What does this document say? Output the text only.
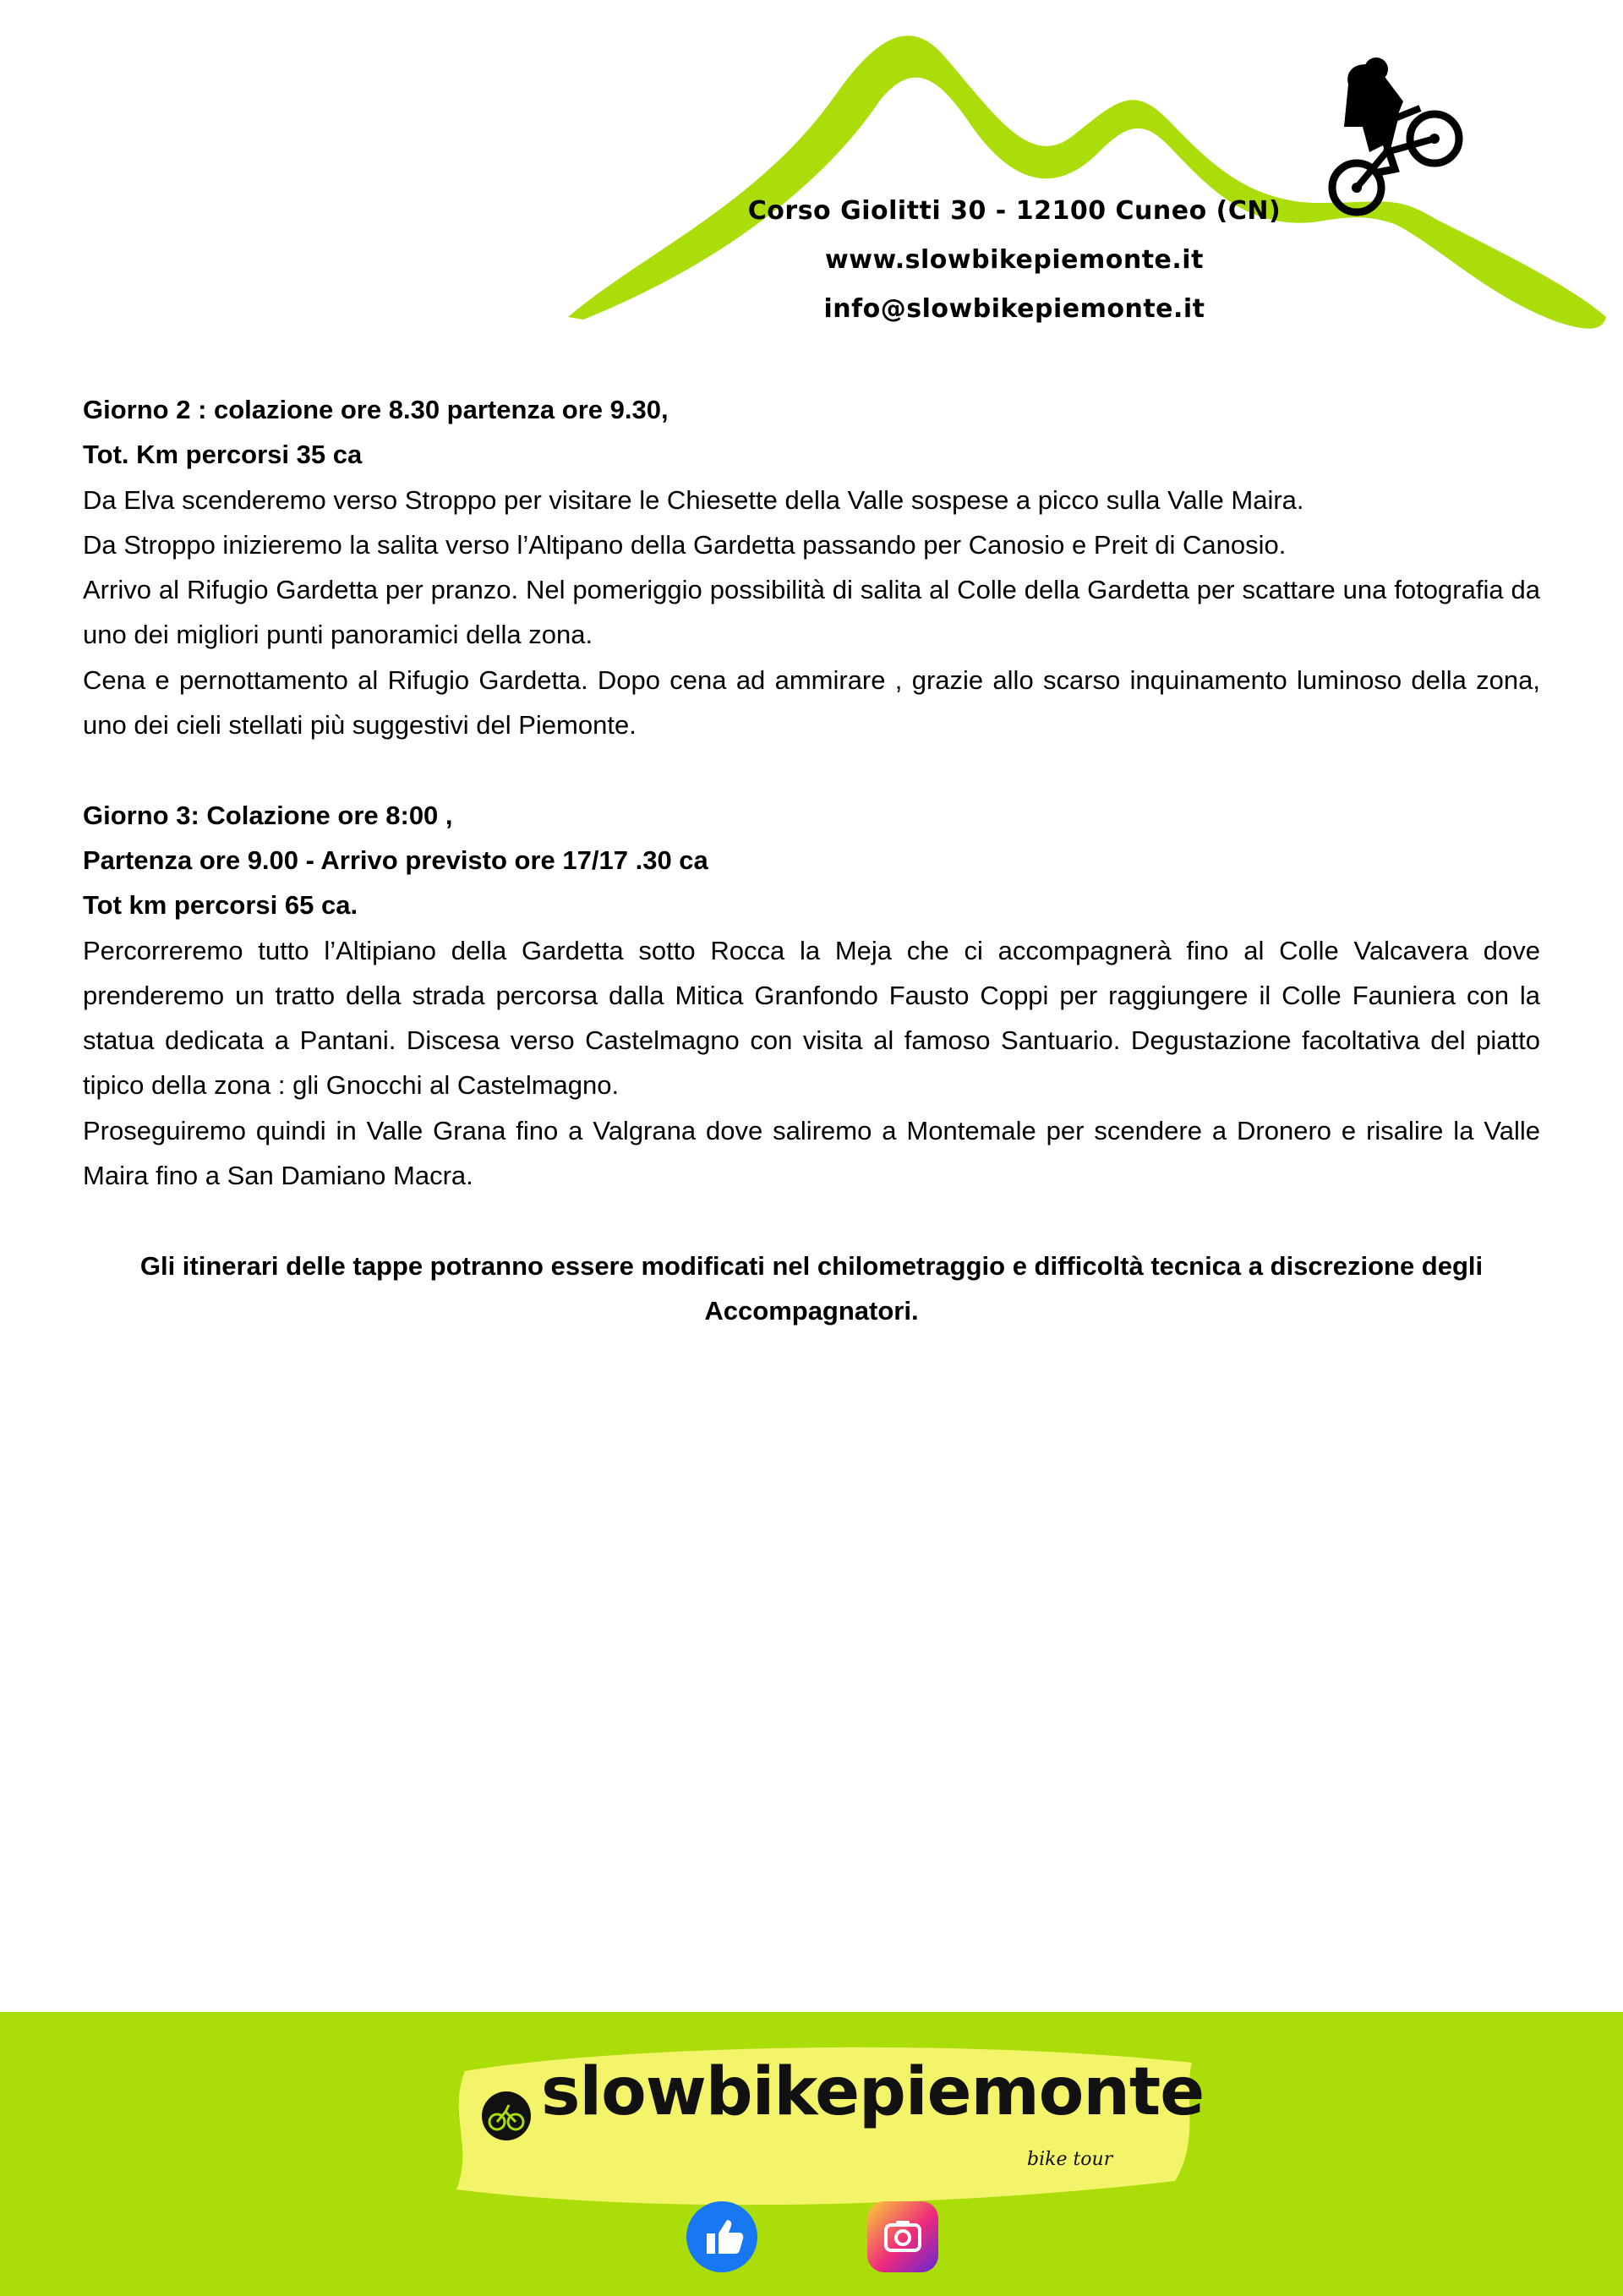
Corso Giolitti 30 - 12100 Cuneo (CN)
www.slowbikepiemonte.it
info@slowbikepiemonte.it

Giorno 2 : colazione ore 8.30 partenza ore 9.30,

Tot. Km percorsi 35 ca

Da Elva scenderemo verso Stroppo per visitare le Chiesette della Valle sospese a picco sulla Valle Maira.

Da Stroppo inizieremo la salita verso l’Altipano della Gardetta passando per Canosio e Preit di Canosio.

Arrivo al Rifugio Gardetta per pranzo. Nel pomeriggio possibilità di salita al Colle della Gardetta per scattare una fotografia da uno dei migliori punti panoramici della zona.

Cena e pernottamento al Rifugio Gardetta. Dopo cena ad ammirare , grazie allo scarso inquinamento luminoso della zona, uno dei cieli stellati più suggestivi del Piemonte.

Giorno 3: Colazione ore 8:00 ,

Partenza ore 9.00 - Arrivo previsto ore 17/17 .30 ca

Tot km percorsi 65 ca.

Percorreremo tutto l’Altipiano della Gardetta sotto Rocca la Meja che ci accompagnerà fino al Colle Valcavera dove prenderemo un tratto della strada percorsa dalla Mitica Granfondo Fausto Coppi per raggiungere il Colle Fauniera con la statua dedicata a Pantani. Discesa verso Castelmagno con visita al famoso Santuario. Degustazione facoltativa del piatto tipico della zona : gli Gnocchi al Castelmagno.

Proseguiremo quindi in Valle Grana fino a Valgrana dove saliremo a Montemale per scendere a Dronero e risalire la Valle Maira fino a San Damiano Macra.

Gli itinerari delle tappe potranno essere modificati nel chilometraggio e difficoltà tecnica a discrezione degli Accompagnatori.

slowbikepiemonte
bike tour
